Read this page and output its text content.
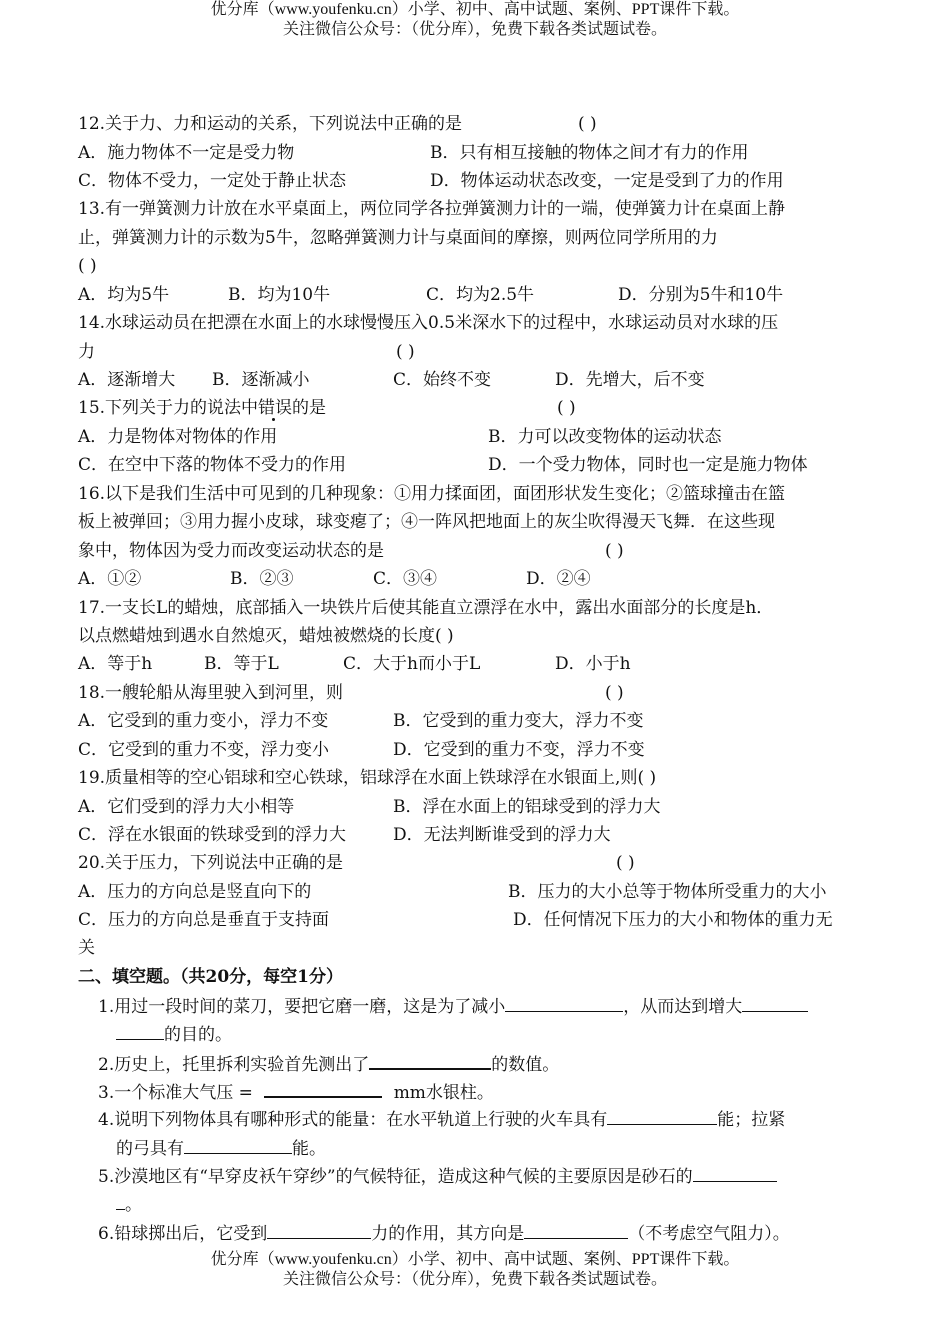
优分库（www.youfenku.cn）小学、初中、高中试题、案例、PPT课件下载。
关注微信公众号：（优分库），免费下载各类试题试卷。
12.关于力、力和运动的关系，下列说法中正确的是	( )
A．施力物体不一定是受力物	B．只有相互接触的物体之间才有力的作用
C．物体不受力，一定处于静止状态	D．物体运动状态改变，一定是受到了力的作用
13.有一弹簧测力计放在水平桌面上，两位同学各拉弹簧测力计的一端，使弹簧力计在桌面上静
止，弹簧测力计的示数为5牛，忽略弹簧测力计与桌面间的摩擦，则两位同学所用的力
( )
A．均为5牛	B．均为10牛	C．均为2.5牛	D．分别为5牛和10牛
14.水球运动员在把漂在水面上的水球慢慢压入0.5米深水下的过程中，水球运动员对水球的压
力	( )
A．逐渐增大 B．逐渐减小	C．始终不变	D．先增大，后不变
15.下列关于力的说法中错误的是	( )
A．力是物体对物体的作用	B．力可以改变物体的运动状态
C．在空中下落的物体不受力的作用	D．一个受力物体，同时也一定是施力物体
16.以下是我们生活中可见到的几种现象：①用力揉面团，面团形状发生变化；②篮球撞击在篮
板上被弹回；③用力握小皮球，球变瘪了；④一阵风把地面上的灰尘吹得漫天飞舞．在这些现
象中，物体因为受力而改变运动状态的是	( )
A．①②	B．②③	C．③④	D．②④
17.一支长L的蜡烛，底部插入一块铁片后使其能直立漂浮在水中，露出水面部分的长度是h．
以点燃蜡烛到遇水自然熄灭，蜡烛被燃烧的长度( )
A．等于h	B．等于L	C．大于h而小于L	D．小于h
18.一艘轮船从海里驶入到河里，则	( )
A．它受到的重力变小，浮力不变	B．它受到的重力变大，浮力不变
C．它受到的重力不变，浮力变小	D．它受到的重力不变，浮力不变
19.质量相等的空心铝球和空心铁球，铝球浮在水面上铁球浮在水银面上,则( )
A．它们受到的浮力大小相等	B．浮在水面上的铝球受到的浮力大
C．浮在水银面的铁球受到的浮力大	D．无法判断谁受到的浮力大
20.关于压力，下列说法中正确的是	( )
A．压力的方向总是竖直向下的	B．压力的大小总等于物体所受重力的大小
C．压力的方向总是垂直于支持面	D．任何情况下压力的大小和物体的重力无
关
二、填空题。（共20分，每空1分）
1.用过一段时间的菜刀，要把它磨一磨，这是为了减小	，从而达到增大
的目的。
2.历史上，托里拆利实验首先测出了	的数值。
3.一个标准大气压 =	mm水银柱。
4.说明下列物体具有哪种形式的能量：在水平轨道上行驶的火车具有	能；拉紧
的弓具有	能。
5.沙漠地区有“早穿皮袄午穿纱”的气候特征，造成这种气候的主要原因是砂石的
。
6.铅球掷出后，它受到	力的作用，其方向是	（不考虑空气阻力）。
优分库（www.youfenku.cn）小学、初中、高中试题、案例、PPT课件下载。
关注微信公众号：（优分库），免费下载各类试题试卷。
